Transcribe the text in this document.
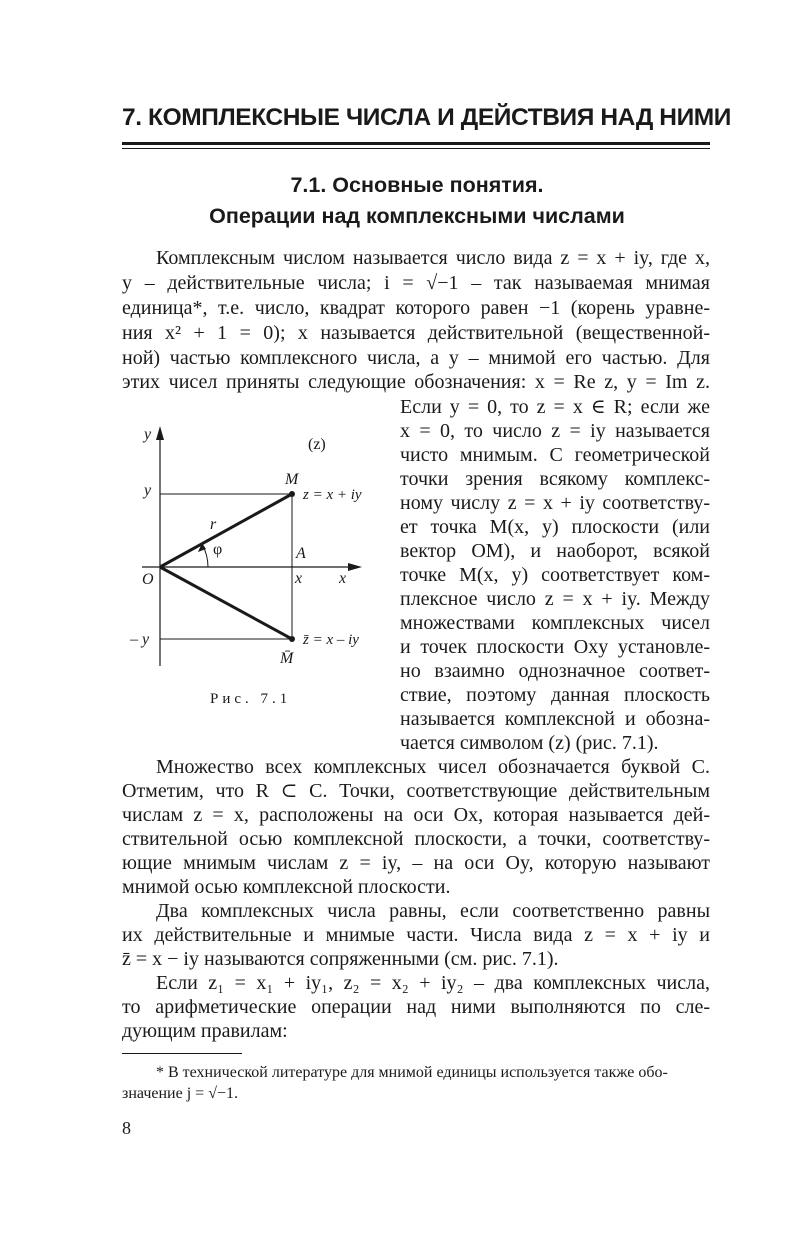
7. КОМПЛЕКСНЫЕ ЧИСЛА И ДЕЙСТВИЯ НАД НИМИ
7.1. Основные понятия.
Операции над комплексными числами

Комплексным числом называется число вида z = x + iy, где x,

y – действительные числа; i = √−1 – так называемая мнимая

единица*, т.е. число, квадрат которого равен −1 (корень уравне-

ния x² + 1 = 0); x называется действительной (вещественной-

ной) частью комплексного числа, а y – мнимой его частью. Для

этих чисел приняты следующие обозначения: x = Re z, y = Im z.

Если y = 0, то z = x ∈ R; если же

x = 0, то число z = iy называется

чисто мнимым. С геометрической

точки зрения всякому комплекс-

ному числу z = x + iy соответству-

ет точка M(x, y) плоскости (или

вектор OM), и наоборот, всякой

точке M(x, y) соответствует ком-

плексное число z = x + iy. Между

множествами комплексных чисел

и точек плоскости Oxy установле-

но взаимно однозначное соответ-

ствие, поэтому данная плоскость

называется комплексной и обозна-

чается символом (z) (рис. 7.1).

y
(z)
y
M
z = x + iy
r
φ	A
O	x x
– y	z̄ = x – iy
M̄
Рис. 7.1

Множество всех комплексных чисел обозначается буквой C.

Отметим, что R ⊂ C. Точки, соответствующие действительным

числам z = x, расположены на оси Ox, которая называется дей-

ствительной осью комплексной плоскости, а точки, соответству-

ющие мнимым числам z = iy, – на оси Oy, которую называют

мнимой осью комплексной плоскости.

Два комплексных числа равны, если соответственно равны

их действительные и мнимые части. Числа вида z = x + iy и

z̄ = x − iy называются сопряженными (см. рис. 7.1).

Если z₁ = x₁ + iy₁, z₂ = x₂ + iy₂ – два комплексных числа,

то арифметические операции над ними выполняются по сле-

дующим правилам:

* В технической литературе для мнимой единицы используется также обо-

значение j = √−1.

8
